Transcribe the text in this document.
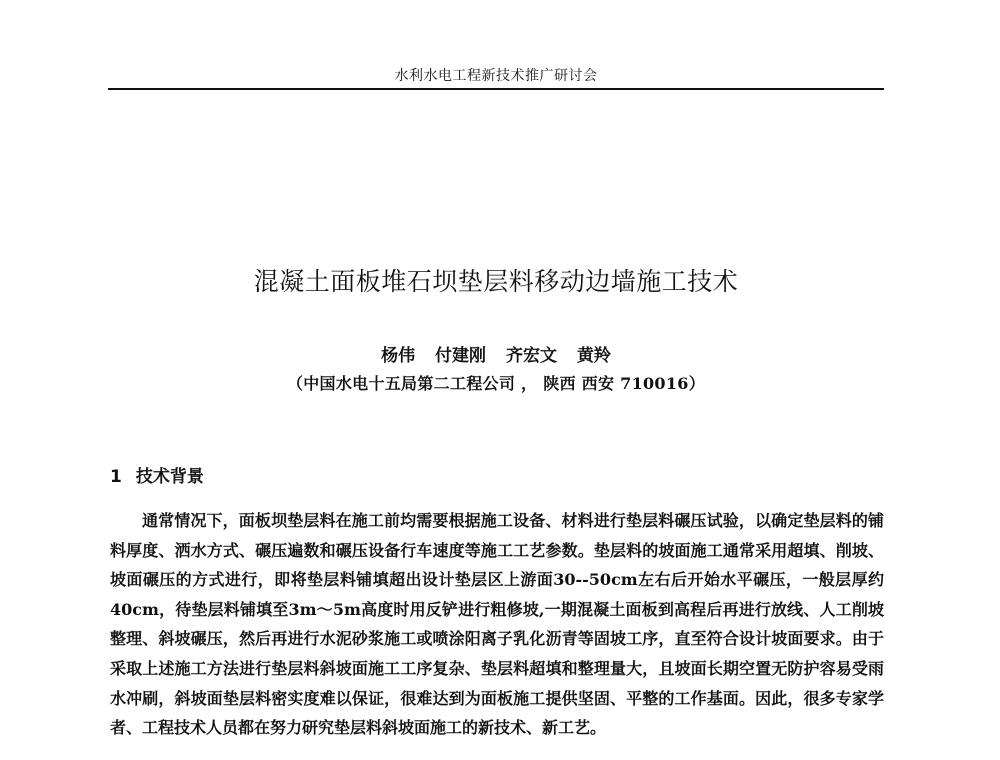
水利水电工程新技术推广研讨会
混凝土面板堆石坝垫层料移动边墙施工技术
杨伟 付建刚 齐宏文 黄羚
（中国水电十五局第二工程公司 ， 陕西 西安 710016）
1 技术背景

通常情况下，面板坝垫层料在施工前均需要根据施工设备、材料进行垫层料碾压试验，以确定垫层料的铺料厚度、洒水方式、碾压遍数和碾压设备行车速度等施工工艺参数。垫层料的坡面施工通常采用超填、削坡、坡面碾压的方式进行，即将垫层料铺填超出设计垫层区上游面30--50cm左右后开始水平碾压，一般层厚约40cm，待垫层料铺填至3m～5m高度时用反铲进行粗修坡,一期混凝土面板到高程后再进行放线、人工削坡整理、斜坡碾压，然后再进行水泥砂浆施工或喷涂阳离子乳化沥青等固坡工序，直至符合设计坡面要求。由于采取上述施工方法进行垫层料斜坡面施工工序复杂、垫层料超填和整理量大，且坡面长期空置无防护容易受雨水冲刷，斜坡面垫层料密实度难以保证，很难达到为面板施工提供坚固、平整的工作基面。因此，很多专家学者、工程技术人员都在努力研究垫层料斜坡面施工的新技术、新工艺。
